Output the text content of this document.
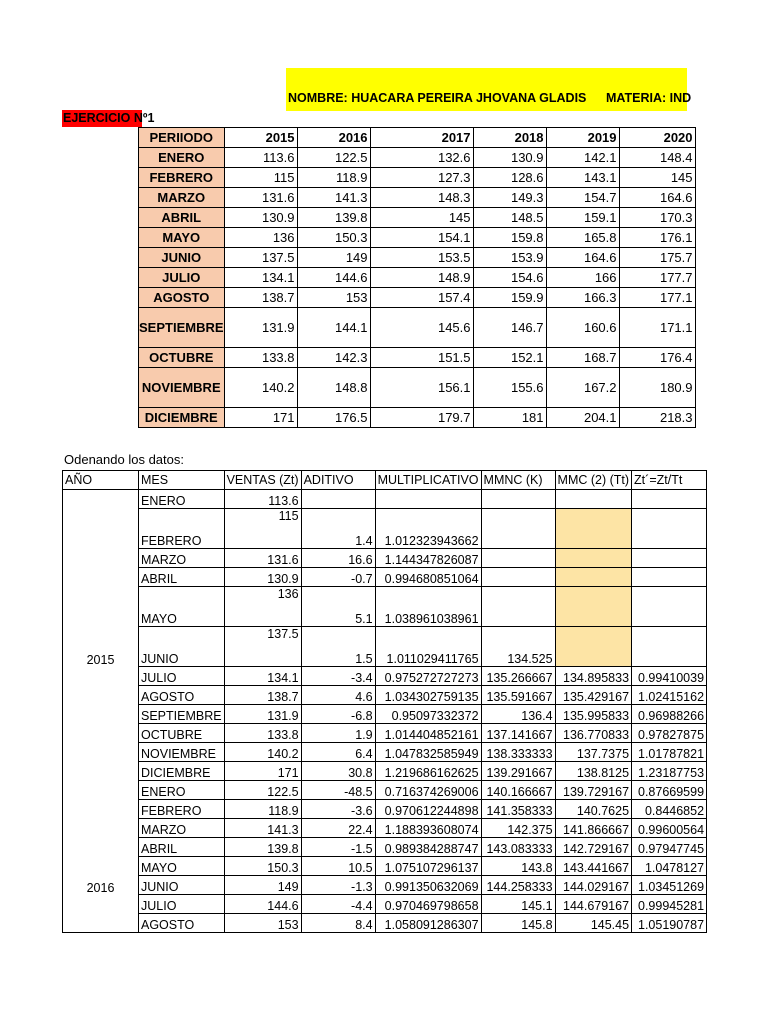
NOMBRE: HUACARA PEREIRA JHOVANA GLADIS MATERIA: IND
EJERCICIO Nº1
PERIIODO	2015	2016	2017	2018	2019	2020
ENERO	113.6	122.5	132.6	130.9	142.1	148.4
FEBRERO	115	118.9	127.3	128.6	143.1	145
MARZO	131.6	141.3	148.3	149.3	154.7	164.6
ABRIL	130.9	139.8	145	148.5	159.1	170.3
MAYO	136	150.3	154.1	159.8	165.8	176.1
JUNIO	137.5	149	153.5	153.9	164.6	175.7
JULIO	134.1	144.6	148.9	154.6	166	177.7
AGOSTO	138.7	153	157.4	159.9	166.3	177.1
SEPTIEMBRE	131.9	144.1	145.6	146.7	160.6	171.1
OCTUBRE	133.8	142.3	151.5	152.1	168.7	176.4
NOVIEMBRE	140.2	148.8	156.1	155.6	167.2	180.9
DICIEMBRE	171	176.5	179.7	181	204.1	218.3
Odenando los datos:
AÑO	MES	VENTAS (Zt)	ADITIVO	MULTIPLICATIVO	MMNC (K)	MMC (2) (Tt)	Zt´=Zt/Tt
	ENERO	113.6					
	FEBRERO	115	1.4	1.012323943662			
	MARZO	131.6	16.6	1.144347826087			
	ABRIL	130.9	-0.7	0.994680851064			
	MAYO	136	5.1	1.038961038961			
2015	JUNIO	137.5	1.5	1.011029411765	134.525		
	JULIO	134.1	-3.4	0.975272727273	135.266667	134.895833	0.99410039
	AGOSTO	138.7	4.6	1.034302759135	135.591667	135.429167	1.02415162
	SEPTIEMBRE	131.9	-6.8	0.95097332372	136.4	135.995833	0.96988266
	OCTUBRE	133.8	1.9	1.014404852161	137.141667	136.770833	0.97827875
	NOVIEMBRE	140.2	6.4	1.047832585949	138.333333	137.7375	1.01787821
	DICIEMBRE	171	30.8	1.219686162625	139.291667	138.8125	1.23187753
	ENERO	122.5	-48.5	0.716374269006	140.166667	139.729167	0.87669599
	FEBRERO	118.9	-3.6	0.970612244898	141.358333	140.7625	0.8446852
	MARZO	141.3	22.4	1.188393608074	142.375	141.866667	0.99600564
	ABRIL	139.8	-1.5	0.989384288747	143.083333	142.729167	0.97947745
	MAYO	150.3	10.5	1.075107296137	143.8	143.441667	1.0478127
2016	JUNIO	149	-1.3	0.991350632069	144.258333	144.029167	1.03451269
	JULIO	144.6	-4.4	0.970469798658	145.1	144.679167	0.99945281
	AGOSTO	153	8.4	1.058091286307	145.8	145.45	1.05190787
